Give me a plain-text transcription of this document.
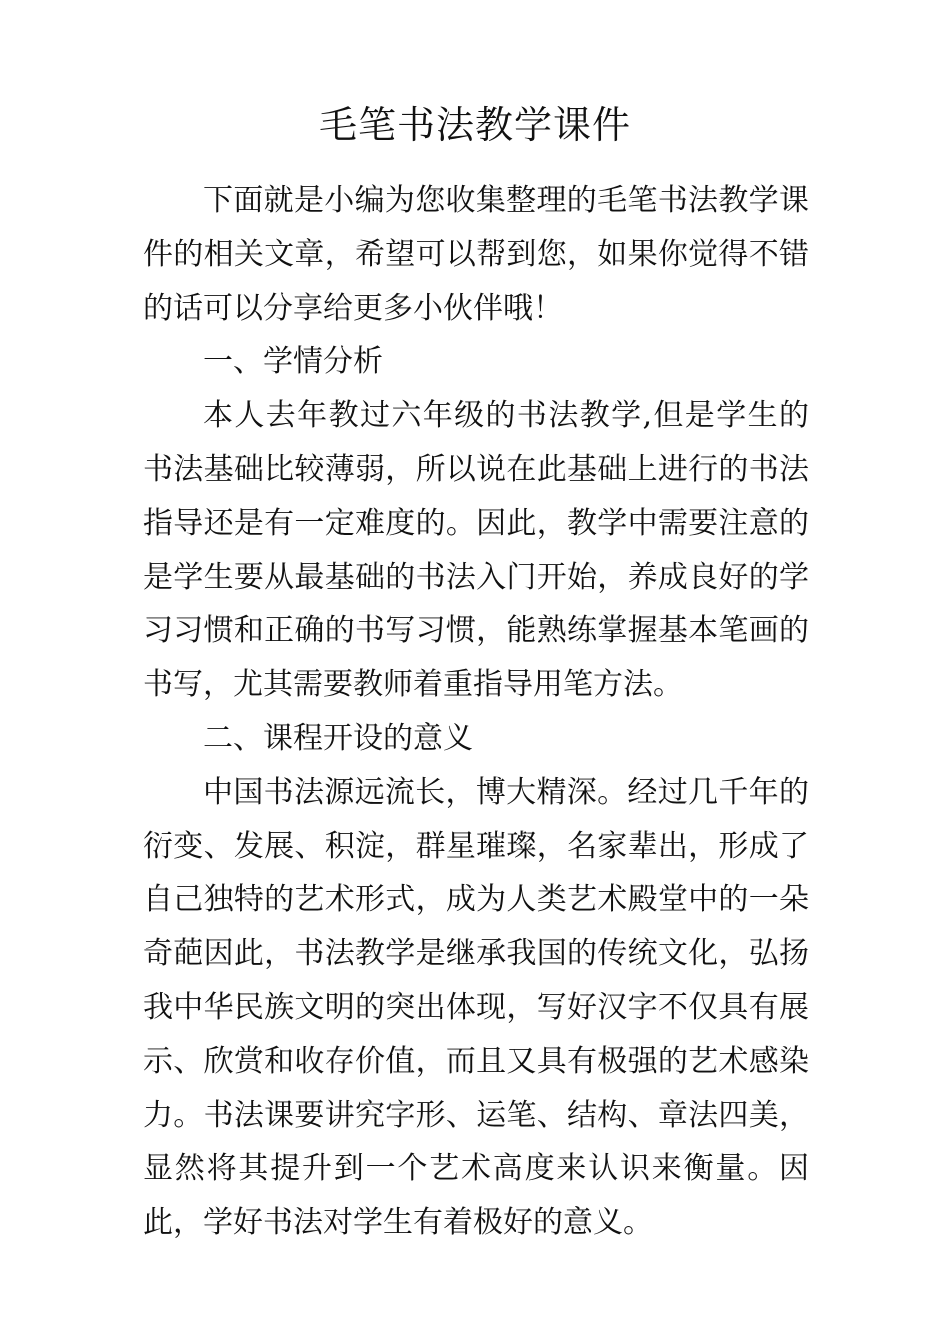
毛笔书法教学课件

下面就是小编为您收集整理的毛笔书法教学课件的相关文章，希望可以帮到您，如果你觉得不错的话可以分享给更多小伙伴哦！

一、学情分析

本人去年教过六年级的书法教学,但是学生的书法基础比较薄弱，所以说在此基础上进行的书法指导还是有一定难度的。因此，教学中需要注意的是学生要从最基础的书法入门开始，养成良好的学习习惯和正确的书写习惯，能熟练掌握基本笔画的书写，尤其需要教师着重指导用笔方法。

二、课程开设的意义

中国书法源远流长，博大精深。经过几千年的衍变、发展、积淀，群星璀璨，名家辈出，形成了自己独特的艺术形式，成为人类艺术殿堂中的一朵奇葩因此，书法教学是继承我国的传统文化，弘扬我中华民族文明的突出体现，写好汉字不仅具有展示、欣赏和收存价值，而且又具有极强的艺术感染力。书法课要讲究字形、运笔、结构、章法四美，显然将其提升到一个艺术高度来认识来衡量。因此，学好书法对学生有着极好的意义。
